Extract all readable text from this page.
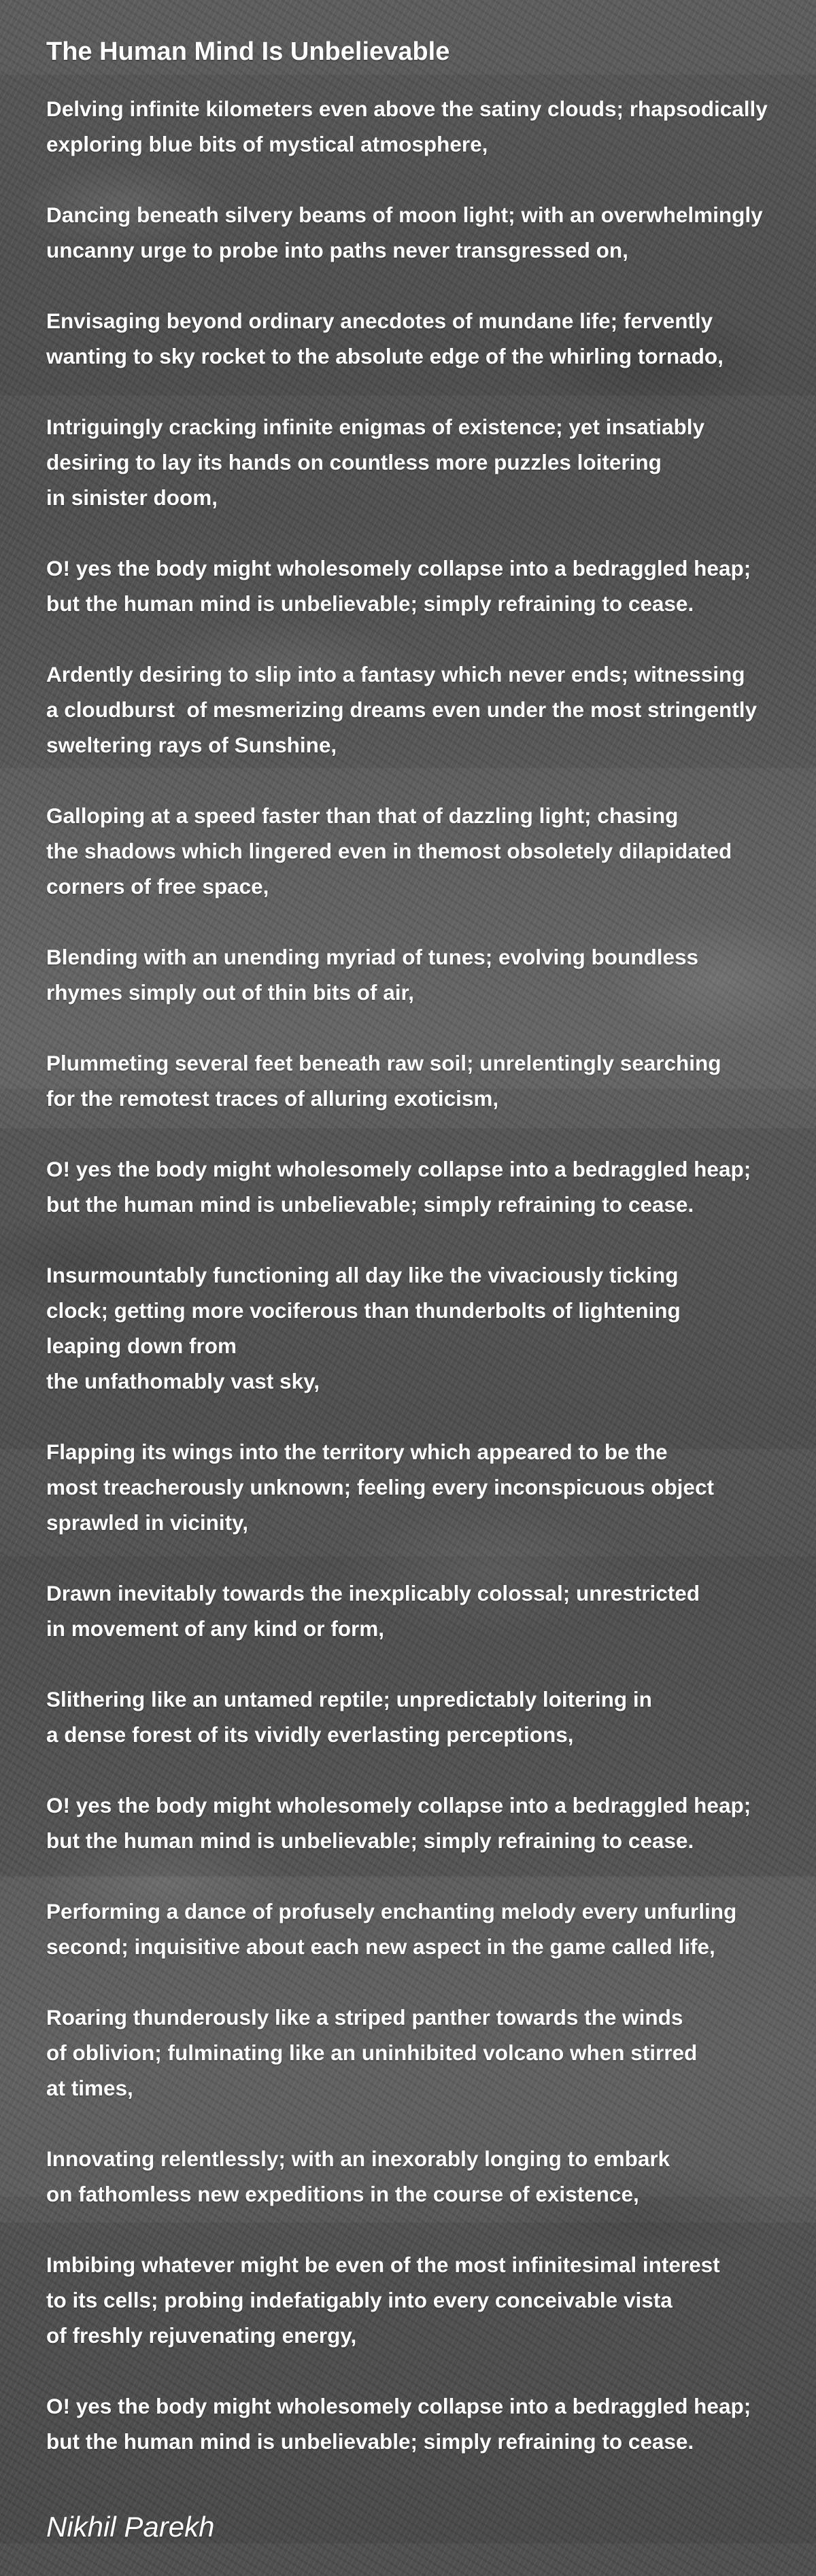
The Human Mind Is Unbelievable

Delving infinite kilometers even above the satiny clouds; rhapsodically
exploring blue bits of mystical atmosphere,

Dancing beneath silvery beams of moon light; with an overwhelmingly
uncanny urge to probe into paths never transgressed on,

Envisaging beyond ordinary anecdotes of mundane life; fervently
wanting to sky rocket to the absolute edge of the whirling tornado,

Intriguingly cracking infinite enigmas of existence; yet insatiably
desiring to lay its hands on countless more puzzles loitering
in sinister doom,

O! yes the body might wholesomely collapse into a bedraggled heap;
but the human mind is unbelievable; simply refraining to cease.

Ardently desiring to slip into a fantasy which never ends; witnessing
a cloudburst  of mesmerizing dreams even under the most stringently
sweltering rays of Sunshine,

Galloping at a speed faster than that of dazzling light; chasing
the shadows which lingered even in themost obsoletely dilapidated
corners of free space,

Blending with an unending myriad of tunes; evolving boundless
rhymes simply out of thin bits of air,

Plummeting several feet beneath raw soil; unrelentingly searching
for the remotest traces of alluring exoticism,

O! yes the body might wholesomely collapse into a bedraggled heap;
but the human mind is unbelievable; simply refraining to cease.

Insurmountably functioning all day like the vivaciously ticking
clock; getting more vociferous than thunderbolts of lightening
leaping down from
the unfathomably vast sky,

Flapping its wings into the territory which appeared to be the
most treacherously unknown; feeling every inconspicuous object
sprawled in vicinity,

Drawn inevitably towards the inexplicably colossal; unrestricted
in movement of any kind or form,

Slithering like an untamed reptile; unpredictably loitering in
a dense forest of its vividly everlasting perceptions,

O! yes the body might wholesomely collapse into a bedraggled heap;
but the human mind is unbelievable; simply refraining to cease.

Performing a dance of profusely enchanting melody every unfurling
second; inquisitive about each new aspect in the game called life,

Roaring thunderously like a striped panther towards the winds
of oblivion; fulminating like an uninhibited volcano when stirred
at times,

Innovating relentlessly; with an inexorably longing to embark
on fathomless new expeditions in the course of existence,

Imbibing whatever might be even of the most infinitesimal interest
to its cells; probing indefatigably into every conceivable vista
of freshly rejuvenating energy,

O! yes the body might wholesomely collapse into a bedraggled heap;
but the human mind is unbelievable; simply refraining to cease.

Nikhil Parekh
